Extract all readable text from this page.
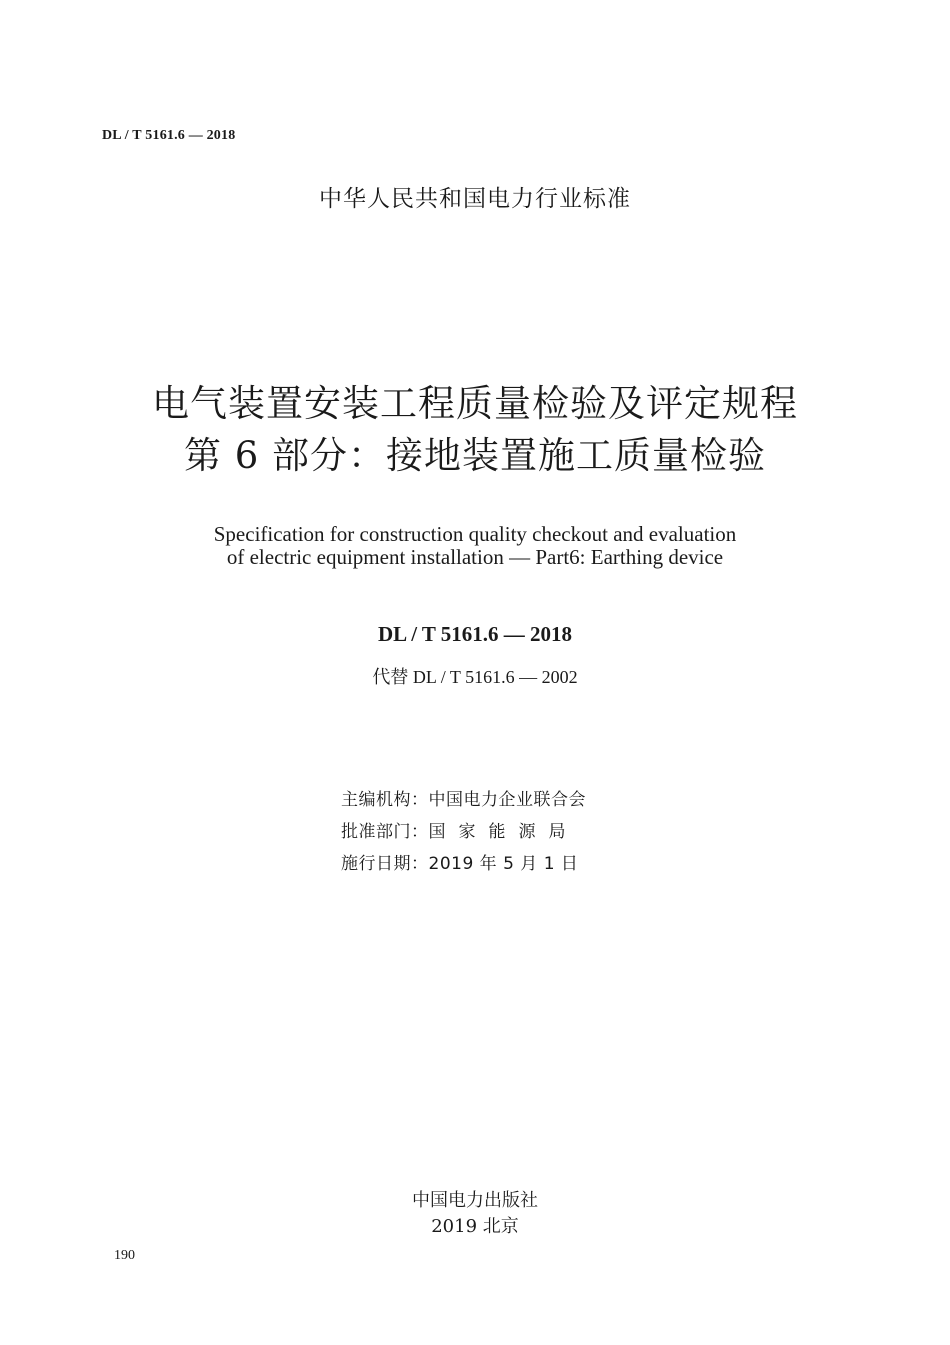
DL / T 5161.6 — 2018
中华人民共和国电力行业标准
电气装置安装工程质量检验及评定规程
第 6 部分：接地装置施工质量检验
Specification for construction quality checkout and evaluation
of electric equipment installation — Part6: Earthing device
DL / T 5161.6 — 2018
代替 DL / T 5161.6 — 2002
主编机构：中国电力企业联合会
批准部门：国家能源局
施行日期：2019 年 5 月 1 日
中国电力出版社
2019 北京
190
